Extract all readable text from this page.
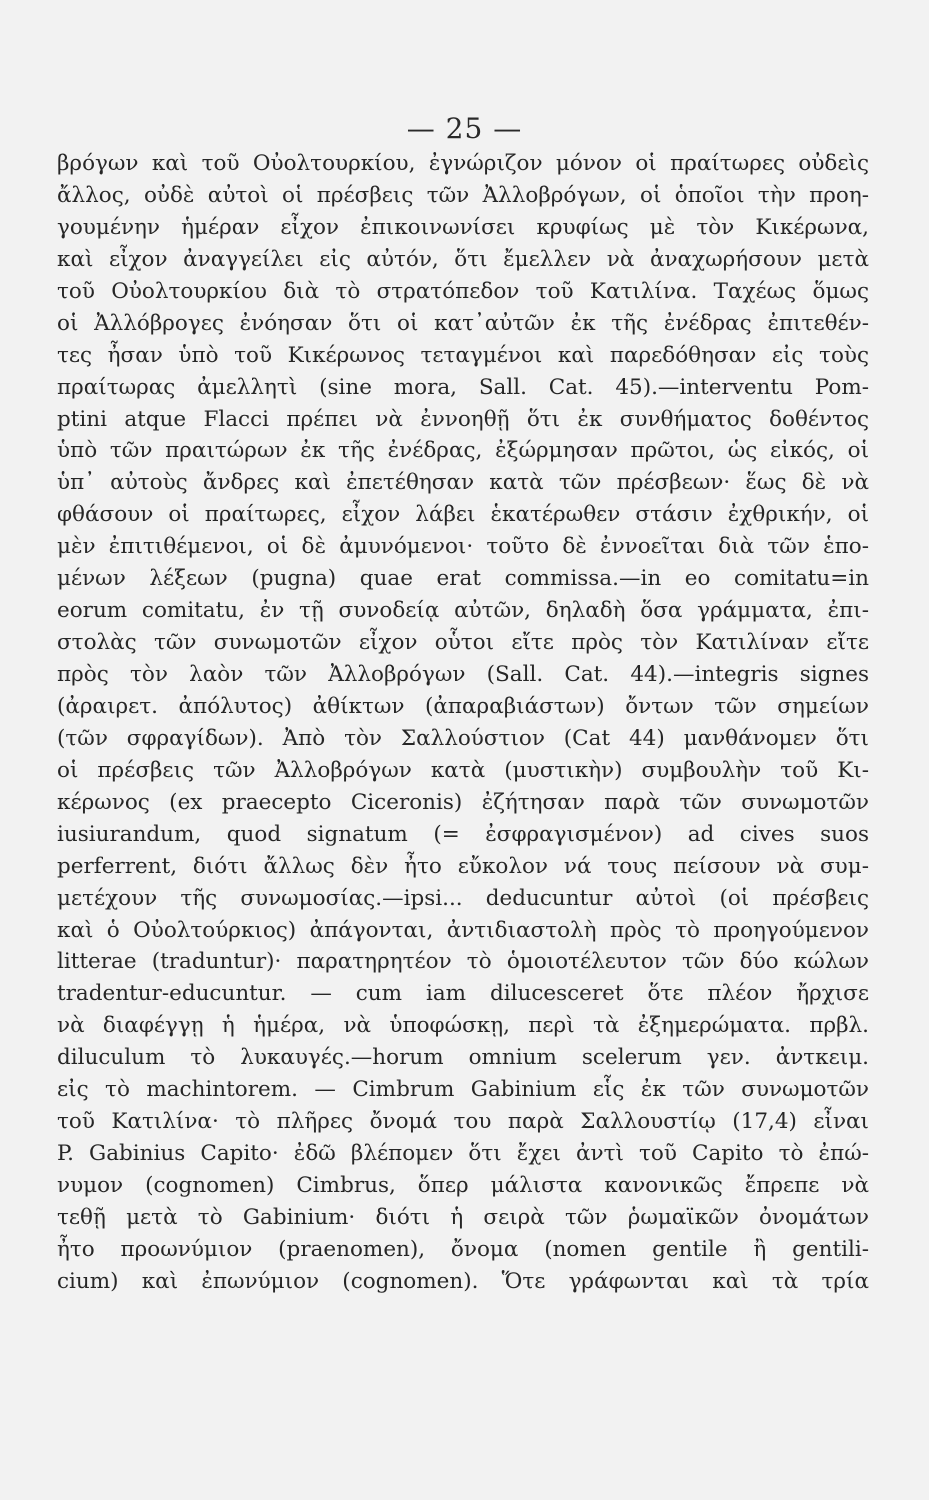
— 25 —
βρόγων καὶ τοῦ Οὐολτουρκίου, ἐγνώριζον μόνον οἱ πραίτωρες οὐδεὶς
ἄλλος, οὐδὲ αὐτοὶ οἱ πρέσβεις τῶν Ἀλλοβρόγων, οἱ ὁποῖοι τὴν προη-
γουμένην ἡμέραν εἶχον ἐπικοινωνίσει κρυφίως μὲ τὸν Κικέρωνα,
καὶ εἶχον ἀναγγείλει εἰς αὐτόν, ὅτι ἔμελλεν νὰ ἀναχωρήσουν μετὰ
τοῦ Οὐολτουρκίου διὰ τὸ στρατόπεδον τοῦ Κατιλίνα. Ταχέως ὅμως
οἱ Ἀλλόβρογες ἐνόησαν ὅτι οἱ κατ᾽αὐτῶν ἐκ τῆς ἐνέδρας ἐπιτεθέν-
τες ἦσαν ὑπὸ τοῦ Κικέρωνος τεταγμένοι καὶ παρεδόθησαν εἰς τοὺς
πραίτωρας ἀμελλητὶ (sine mora, Sall. Cat. 45).—interventu Pom-
ptini atque Flacci πρέπει νὰ ἐννοηθῇ ὅτι ἐκ συνθήματος δοθέντος
ὑπὸ τῶν πραιτώρων ἐκ τῆς ἐνέδρας, ἐξώρμησαν πρῶτοι, ὡς εἰκός, οἱ
ὑπ᾽ αὐτοὺς ἄνδρες καὶ ἐπετέθησαν κατὰ τῶν πρέσβεων· ἕως δὲ νὰ
φθάσουν οἱ πραίτωρες, εἶχον λάβει ἑκατέρωθεν στάσιν ἐχθρικήν, οἱ
μὲν ἐπιτιθέμενοι, οἱ δὲ ἀμυνόμενοι· τοῦτο δὲ ἐννοεῖται διὰ τῶν ἑπο-
μένων λέξεων (pugna) quae erat commissa.—in eo comitatu=in
eorum comitatu, ἐν τῇ συνοδείᾳ αὐτῶν, δηλαδὴ ὅσα γράμματα, ἐπι-
στολὰς τῶν συνωμοτῶν εἶχον οὗτοι εἴτε πρὸς τὸν Κατιλίναν εἴτε
πρὸς τὸν λαὸν τῶν Ἀλλοβρόγων (Sall. Cat. 44).—integris signes
(ἀραιρετ. ἀπόλυτος) ἀθίκτων (ἀπαραβιάστων) ὄντων τῶν σημείων
(τῶν σφραγίδων). Ἀπὸ τὸν Σαλλούστιον (Cat 44) μανθάνομεν ὅτι
οἱ πρέσβεις τῶν Ἀλλοβρόγων κατὰ (μυστικὴν) συμβουλὴν τοῦ Κι-
κέρωνος (ex praecepto Ciceronis) ἐζήτησαν παρὰ τῶν συνωμοτῶν
iusiurandum, quod signatum (= ἐσφραγισμένον) ad cives suos
perferrent, διότι ἄλλως δὲν ἦτο εὔκολον νά τους πείσουν νὰ συμ-
μετέχουν τῆς συνωμοσίας.—ipsi... deducuntur αὐτοὶ (οἱ πρέσβεις
καὶ ὁ Οὐολτούρκιος) ἀπάγονται, ἀντιδιαστολὴ πρὸς τὸ προηγούμενον
litterae (traduntur)· παρατηρητέον τὸ ὁμοιοτέλευτον τῶν δύο κώλων
tradentur-educuntur. — cum iam dilucesceret ὅτε πλέον ἤρχισε
νὰ διαφέγγῃ ἡ ἡμέρα, νὰ ὑποφώσκῃ, περὶ τὰ ἐξημερώματα. πρβλ.
diluculum τὸ λυκαυγές.—horum omnium scelerum γεν. ἀντκειμ.
εἰς τὸ machintorem. — Cimbrum Gabinium εἷς ἐκ τῶν συνωμοτῶν
τοῦ Κατιλίνα· τὸ πλῆρες ὄνομά του παρὰ Σαλλουστίῳ (17,4) εἶναι
P. Gabinius Capito· ἐδῶ βλέπομεν ὅτι ἔχει ἀντὶ τοῦ Capito τὸ ἐπώ-
νυμον (cognomen) Cimbrus, ὅπερ μάλιστα κανονικῶς ἔπρεπε νὰ
τεθῇ μετὰ τὸ Gabinium· διότι ἡ σειρὰ τῶν ῥωμαϊκῶν ὀνομάτων
ἦτο προωνύμιον (praenomen), ὄνομα (nomen gentile ἢ gentili-
cium) καὶ ἐπωνύμιον (cognomen). Ὅτε γράφωνται καὶ τὰ τρία
